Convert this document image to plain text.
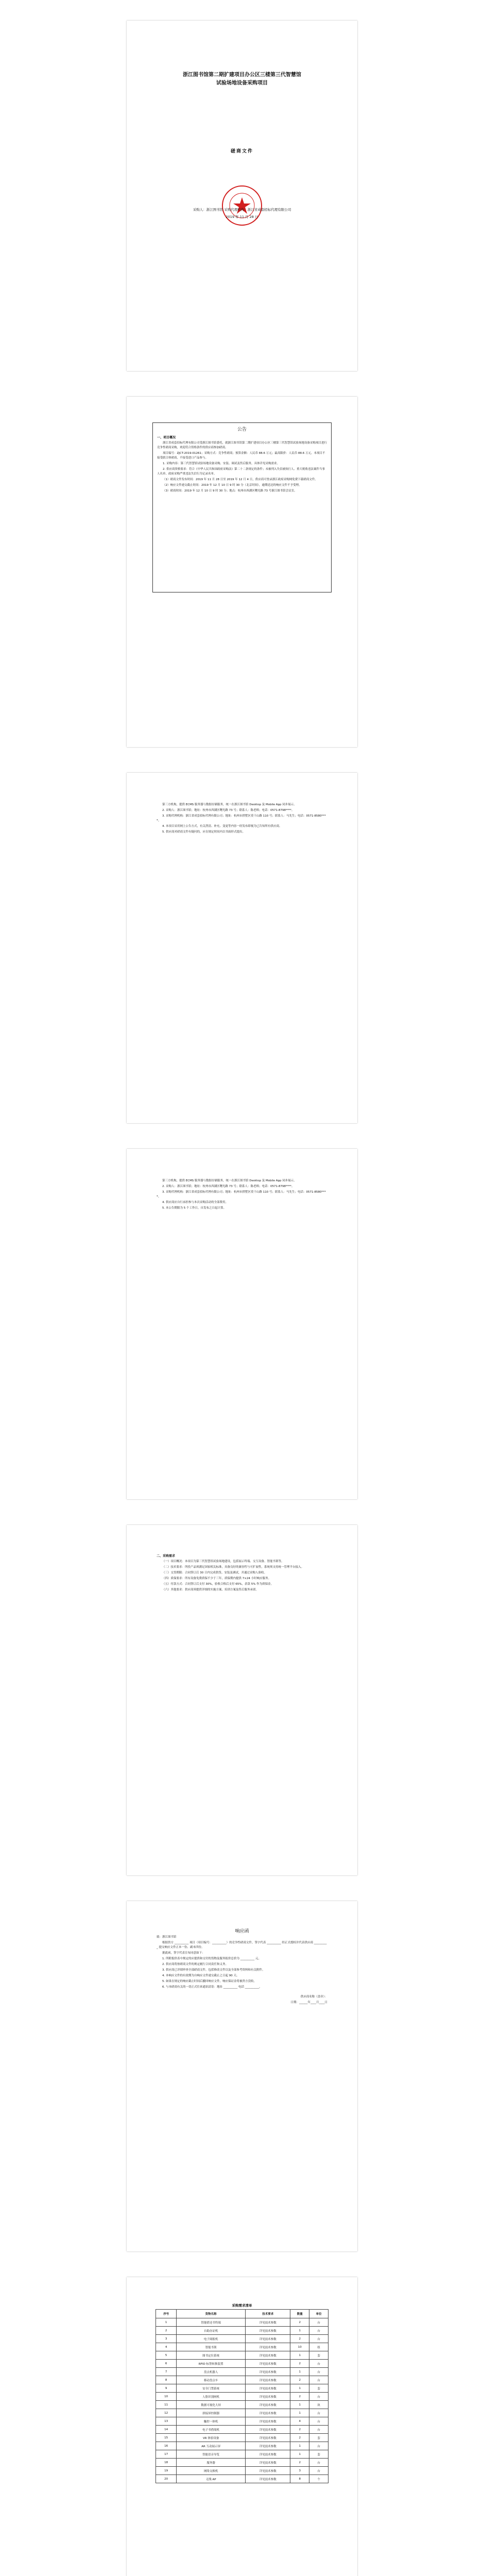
浙江图书馆第二期扩建项目办公区三楼第三代智慧馆
试验场地设备采购项目
磋商文件
采购人：浙江图书馆 采购代理机构：浙江省成套招标代理有限公司
2019 年 11 月 28 日
公告
一、项目概况

浙江省成套招标代理有限公司受浙江图书馆委托，就浙江图书馆第二期扩建项目办公区三楼第三代智慧馆试验场地设备采购项目进行竞争性磋商采购，欢迎符合资格条件的供应商参加磋商。

项目编号：ZJCT-2019-01261；采购方式：竞争性磋商；预算金额：人民币 88.6 万元；最高限价：人民币 88.6 万元。本项目不接受联合体磋商，不接受进口产品参与。

1. 采购内容：第三代智慧馆试验场地设备采购、安装、调试及售后服务，具体详见采购需求。

2. 供应商资格要求：符合《中华人民共和国政府采购法》第二十二条规定的条件；未被列入失信被执行人、重大税收违法案件当事人名单、政府采购严重违法失信行为记录名单。

（1）磋商文件发布时间：2019 年 11 月 28 日至 2019 年 12 月 4 日，供应商可登录浙江政府采购网免费下载磋商文件。

（2）响应文件递交截止时间：2019 年 12 月 10 日 9 时 30 分（北京时间），逾期送达的响应文件不予受理。

（3）磋商时间：2019 年 12 月 10 日 9 时 30 分；地点：杭州市西湖区曙光路 73 号浙江图书馆会议室。

第三方机构，提供 ECMS 服务器与数据存储服务，统一在浙江图书馆 Desktop 及 Mobile App 同步展示。

2. 采购人：浙江图书馆；地址：杭州市西湖区曙光路 73 号；联系人：陈老师；电话：0571-8798****。

3. 采购代理机构：浙江省成套招标代理有限公司；地址：杭州市拱墅区莫干山路 110 号；联系人：马先生；电话：0571-8580****。

4. 本项目采用网上公告方式，有关澄清、补充、变更等内容一经发布即视为已告知所有供应商。

5. 供应商对磋商文件有疑问的，应在规定时间内以书面形式提出。

第三方机构，提供 ECMS 服务器与数据存储服务，统一在浙江图书馆 Desktop 及 Mobile App 同步展示。

2. 采购人：浙江图书馆；地址：杭州市西湖区曙光路 73 号；联系人：陈老师；电话：0571-8798****。

3. 采购代理机构：浙江省成套招标代理有限公司；地址：杭州市拱墅区莫干山路 110 号；联系人：马先生；电话：0571-8580****。

4. 供应商应自行承担参与本次采购活动的全部费用。

5. 本公告期限为 5 个工作日，自发布之日起计算。

二、采购需求

（一）项目概况：本项目为第三代智慧馆试验场地建设，包括展示终端、交互设备、智能书架等。

（二）技术要求：所投产品须满足国家相关标准，具备良好的兼容性与可扩展性，系统须支持统一管理平台接入。

（三）交货期限：合同签订后 30 日内完成供货、安装及调试，并通过采购人验收。

（四）质保要求：所有设备免费质保不少于三年，质保期内提供 7×24 小时响应服务。

（五）付款方式：合同签订后支付 30%，验收合格后支付 65%，余款 5% 作为质保金。

（六）其他要求：供应商须提供详细的实施方案、培训方案及售后服务承诺。

响应函

致：浙江图书馆

根据贵方 __________ 项目（项目编号：__________）的竞争性磋商文件，签字代表 __________ 经正式授权并代表供应商 __________ 提交响应文件正本一份、副本四份。

据此函，签字代表宣布同意如下：

1. 所附报价表中规定的应提供和交付的货物及服务报价总价为 __________ 元。

2. 供应商将按磋商文件的规定履行合同责任和义务。

3. 供应商已详细审查全部磋商文件，包括修改文件以及全部参考资料和有关附件。

4. 本响应文件的有效期为自响应文件递交截止之日起 90 天。

5. 如果在规定的响应截止时间后撤回响应文件，响应保证金将被贵方没收。

6. 与本磋商有关的一切正式往来通讯请寄：地址 __________ 电话 __________。

供应商名称（盖章）：

日期：______年____月____日

采购需求清单
序号	货物名称	技术要求	数量	单位
1	智能借还书终端	详见技术参数	2	台
2	自助办证机	详见技术参数	1	台
3	电子阅报机	详见技术参数	2	台
4	智能书架	详见技术参数	10	组
5	图书定位系统	详见技术参数	1	套
6	RFID 标签转换装置	详见技术参数	2	台
7	盘点机器人	详见技术参数	1	台
8	移动盘点车	详见技术参数	2	台
9	安全门禁系统	详见技术参数	1	套
10	人脸识别闸机	详见技术参数	2	台
11	数据可视化大屏	详见技术参数	1	块
12	拼接屏控制器	详见技术参数	1	台
13	触控一体机	详见技术参数	4	台
14	电子书借阅机	详见技术参数	2	台
15	VR 体验设备	详见技术参数	2	套
16	AR 互动展示屏	详见技术参数	1	台
17	智能语音导览	详见技术参数	1	套
18	服务器	详见技术参数	2	台
19	网络交换机	详见技术参数	3	台
20	无线 AP	详见技术参数	8	个
